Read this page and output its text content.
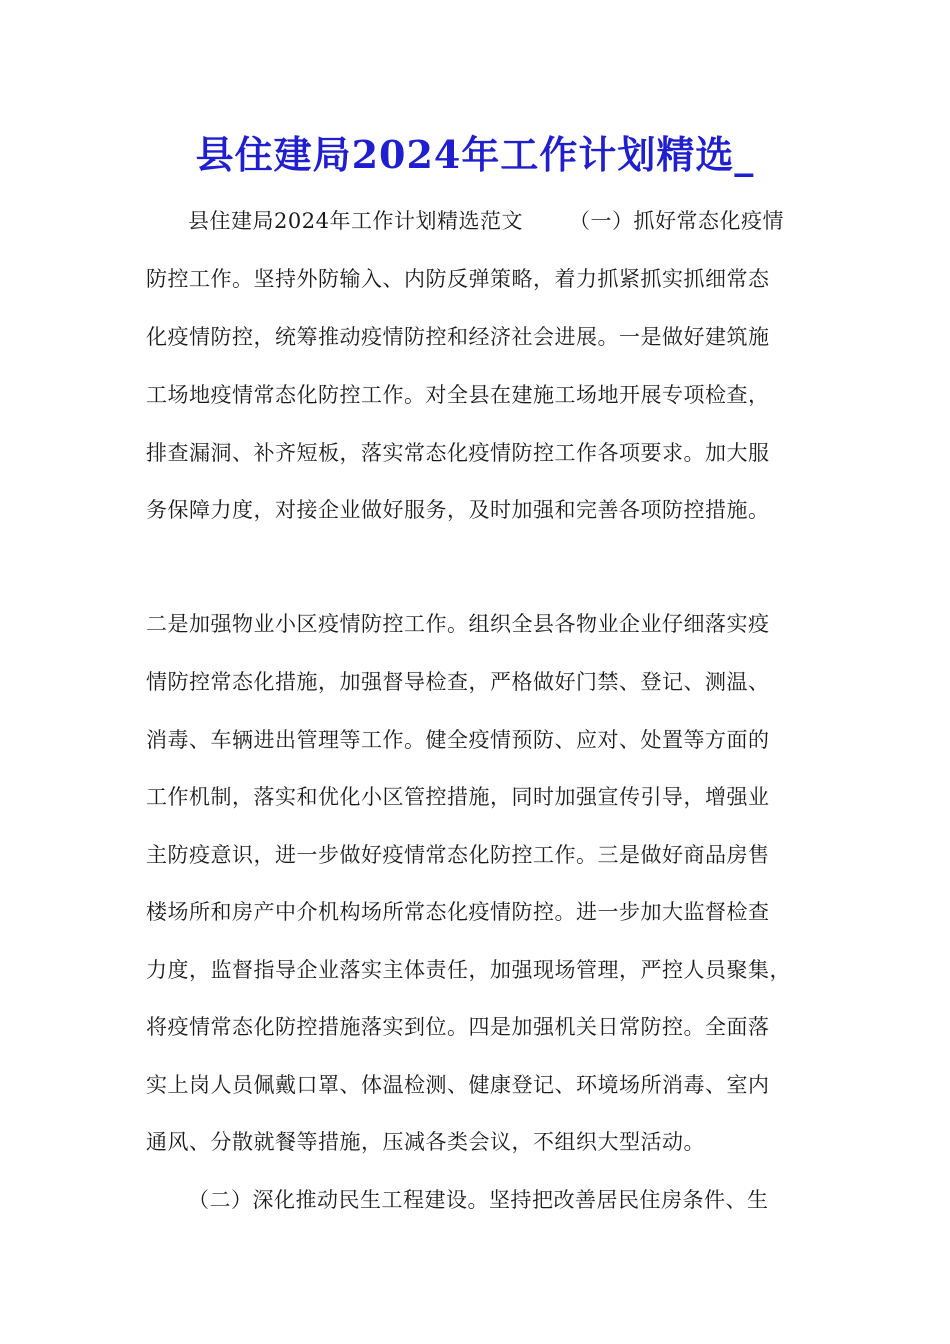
县住建局2024年工作计划精选_
县住建局2024年工作计划精选范文 （一）抓好常态化疫情
防控工作。坚持外防输入、内防反弹策略，着力抓紧抓实抓细常态
化疫情防控，统筹推动疫情防控和经济社会进展。一是做好建筑施
工场地疫情常态化防控工作。对全县在建施工场地开展专项检查，
排查漏洞、补齐短板，落实常态化疫情防控工作各项要求。加大服
务保障力度，对接企业做好服务，及时加强和完善各项防控措施。
二是加强物业小区疫情防控工作。组织全县各物业企业仔细落实疫
情防控常态化措施，加强督导检查，严格做好门禁、登记、测温、
消毒、车辆进出管理等工作。健全疫情预防、应对、处置等方面的
工作机制，落实和优化小区管控措施，同时加强宣传引导，增强业
主防疫意识，进一步做好疫情常态化防控工作。三是做好商品房售
楼场所和房产中介机构场所常态化疫情防控。进一步加大监督检查
力度，监督指导企业落实主体责任，加强现场管理，严控人员聚集，
将疫情常态化防控措施落实到位。四是加强机关日常防控。全面落
实上岗人员佩戴口罩、体温检测、健康登记、环境场所消毒、室内
通风、分散就餐等措施，压减各类会议，不组织大型活动。
（二）深化推动民生工程建设。坚持把改善居民住房条件、生
